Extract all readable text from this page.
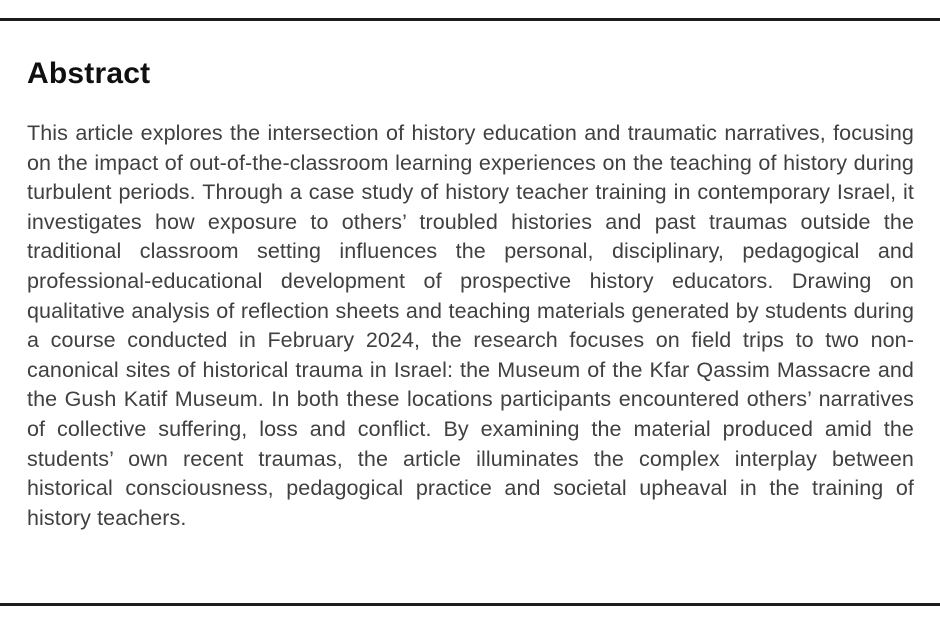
Abstract

This article explores the intersection of history education and traumatic narratives, focusing on the impact of out-of-the-classroom learning experiences on the teaching of history during turbulent periods. Through a case study of history teacher training in contemporary Israel, it investigates how exposure to others’ troubled histories and past traumas outside the traditional classroom setting influences the personal, disciplinary, pedagogical and professional-educational development of prospective history educators. Drawing on qualitative analysis of reflection sheets and teaching materials generated by students during a course conducted in February 2024, the research focuses on field trips to two non-canonical sites of historical trauma in Israel: the Museum of the Kfar Qassim Massacre and the Gush Katif Museum. In both these locations participants encountered others’ narratives of collective suffering, loss and conflict. By examining the material produced amid the students’ own recent traumas, the article illuminates the complex interplay between historical consciousness, pedagogical practice and societal upheaval in the training of history teachers.
